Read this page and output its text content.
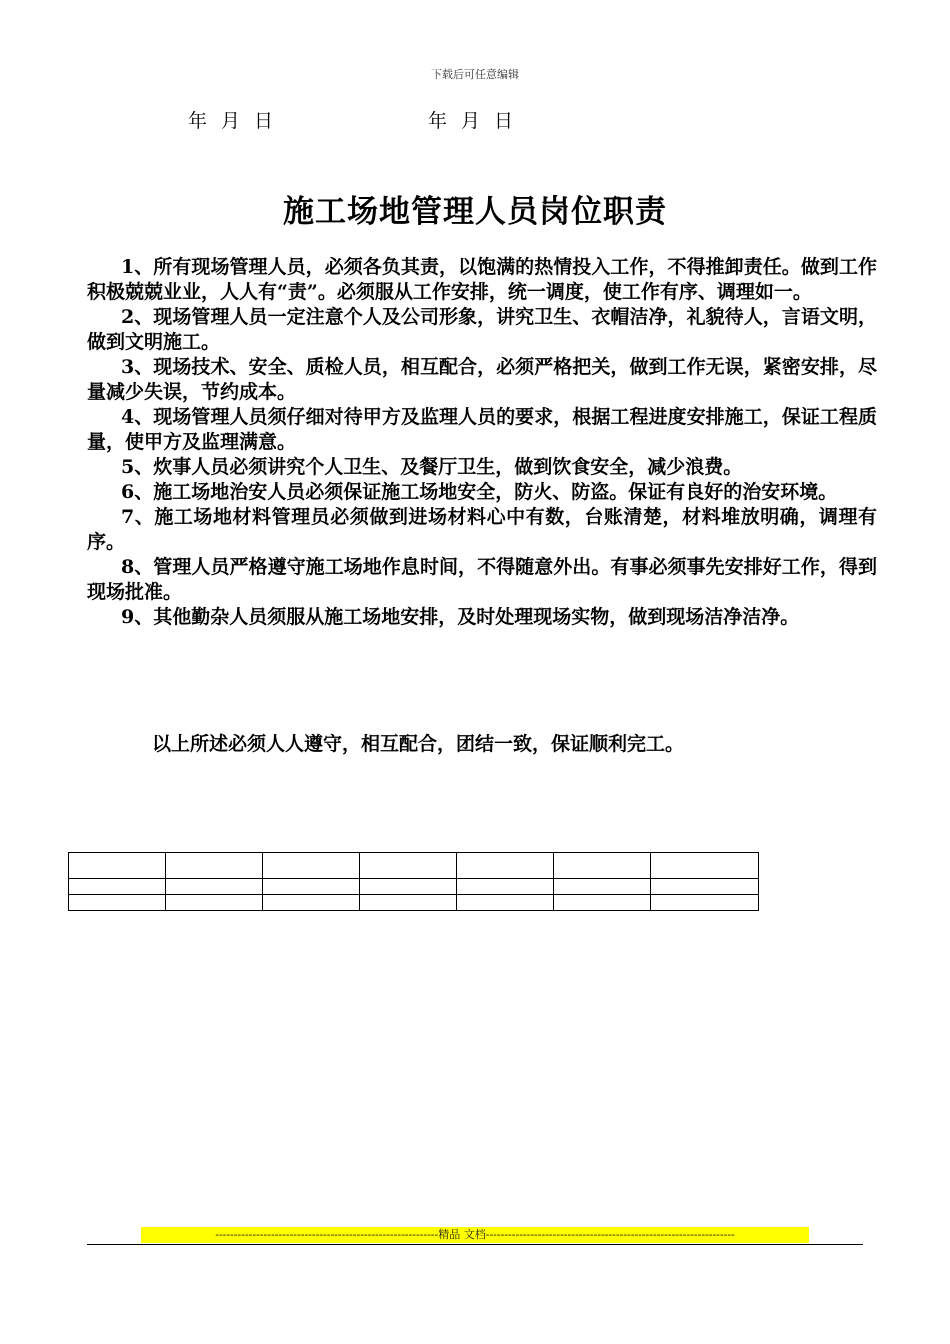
下载后可任意编辑
年月日	年月日
施工场地管理人员岗位职责

1、所有现场管理人员，必须各负其责，以饱满的热情投入工作，不得推卸责任。做到工作积极兢兢业业，人人有“责”。必须服从工作安排，统一调度，使工作有序、调理如一。

2、现场管理人员一定注意个人及公司形象，讲究卫生、衣帽洁净，礼貌待人，言语文明，做到文明施工。

3、现场技术、安全、质检人员，相互配合，必须严格把关，做到工作无误，紧密安排，尽量减少失误，节约成本。

4、现场管理人员须仔细对待甲方及监理人员的要求，根据工程进度安排施工，保证工程质量，使甲方及监理满意。

5、炊事人员必须讲究个人卫生、及餐厅卫生，做到饮食安全，减少浪费。

6、施工场地治安人员必须保证施工场地安全，防火、防盗。保证有良好的治安环境。

7、施工场地材料管理员必须做到进场材料心中有数，台账清楚，材料堆放明确，调理有序。

8、管理人员严格遵守施工场地作息时间，不得随意外出。有事必须事先安排好工作，得到现场批准。

9、其他勤杂人员须服从施工场地安排，及时处理现场实物，做到现场洁净洁净。

以上所述必须人人遵守，相互配合，团结一致，保证顺利完工。

------------------------------------------------------------精品 文档-------------------------------------------------------------------
